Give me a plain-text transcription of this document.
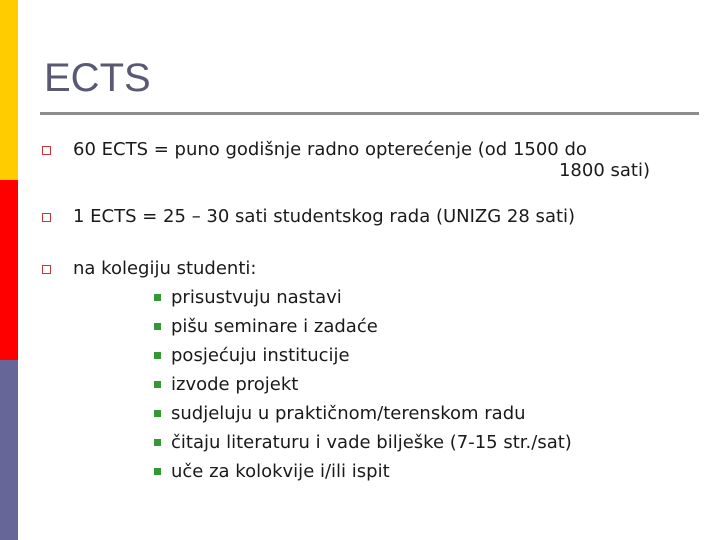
ECTS
60 ECTS = puno godišnje radno opterećenje (od 1500 do
1800 sati)
1 ECTS = 25 – 30 sati studentskog rada (UNIZG 28 sati)
na kolegiju studenti:
prisustvuju nastavi
pišu seminare i zadaće
posjećuju institucije
izvode projekt
sudjeluju u praktičnom/terenskom radu
čitaju literaturu i vade bilješke (7-15 str./sat)
uče za kolokvije i/ili ispit
